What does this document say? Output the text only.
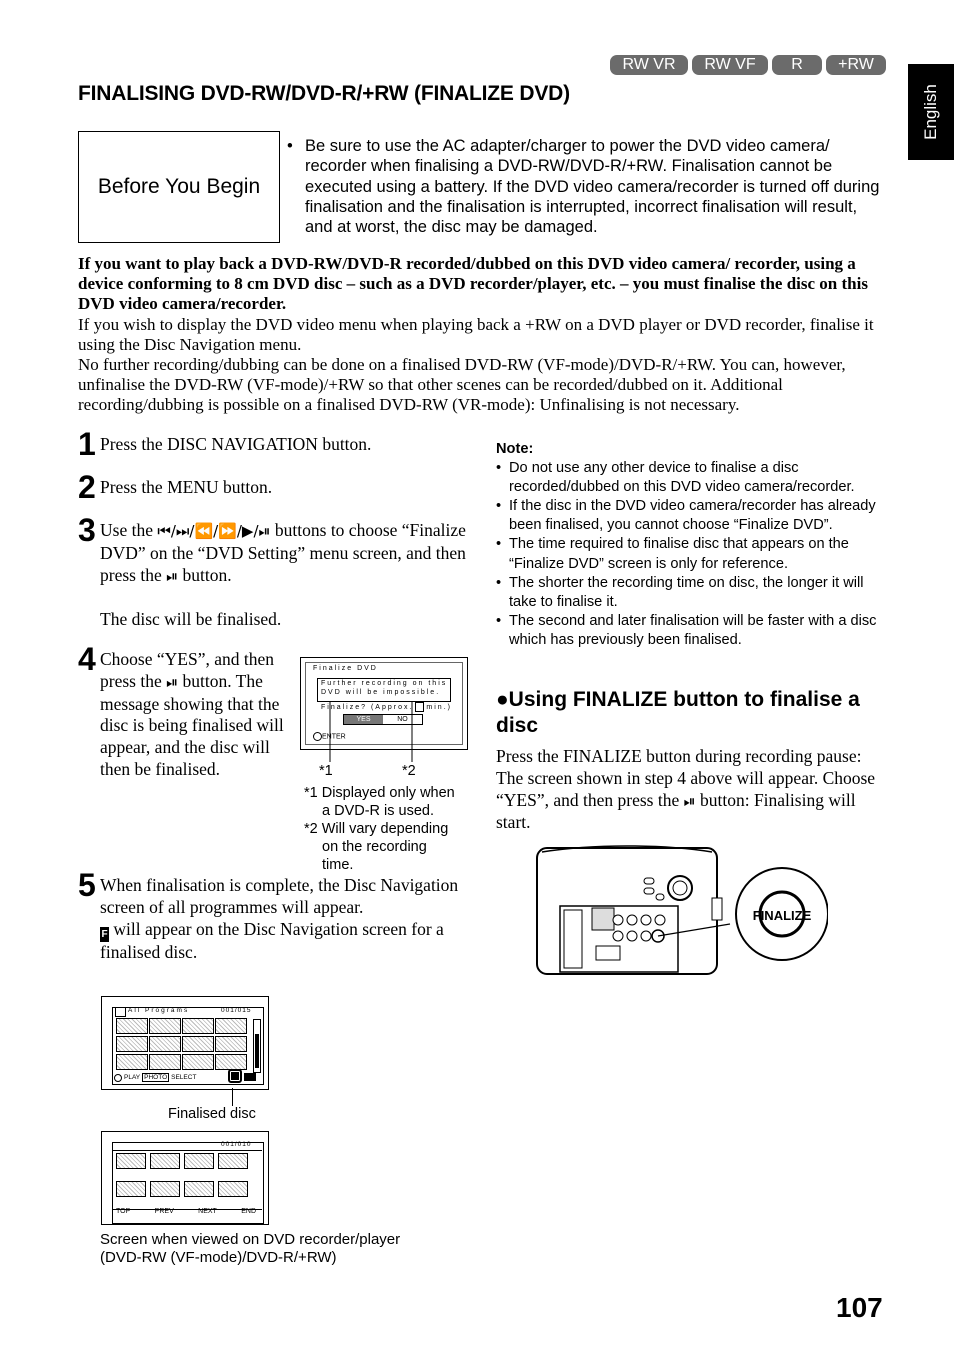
RW VR	RW VF	R	+RW
English
FINALISING DVD-RW/DVD-R/+RW (FINALIZE DVD)
Before You Begin
• Be sure to use the AC adapter/charger to power the DVD video camera/ recorder when finalising a DVD-RW/DVD-R/+RW. Finalisation cannot be executed using a battery. If the DVD video camera/recorder is turned off during finalisation and the finalisation is interrupted, incorrect finalisation will result, and at worst, the disc may be damaged.

If you want to play back a DVD-RW/DVD-R recorded/dubbed on this DVD video camera/ recorder, using a device conforming to 8 cm DVD disc – such as a DVD recorder/player, etc. – you must finalise the disc on this DVD video camera/recorder.

If you wish to display the DVD video menu when playing back a +RW on a DVD player or DVD recorder, finalise it using the Disc Navigation menu.

No further recording/dubbing can be done on a finalised DVD-RW (VF-mode)/DVD-R/+RW. You can, however, unfinalise the DVD-RW (VF-mode)/+RW so that other scenes can be recorded/dubbed on it. Additional recording/dubbing is possible on a finalised DVD-RW (VR-mode): Unfinalising is not necessary.

1 Press the DISC NAVIGATION button.
2 Press the MENU button.
3 Use the ⏮/⏭/⏪/⏩/▶/⏯ buttons to choose “Finalize DVD” on the “DVD Setting” menu screen, and then press the ⏯ button.
The disc will be finalised.
4 Choose “YES”, and then press the ⏯ button. The message showing that the disc is being finalised will appear, and the disc will then be finalised.
Finalize DVD
Further recording on this
DVD will be impossible.
Finalize? (Approx. min.)
YES	NO
ENTER
*1	*2
*1 Displayed only when
a DVD-R is used.
*2 Will vary depending
on the recording
time.
5 When finalisation is complete, the Disc Navigation screen of all programmes will appear.
F will appear on the Disc Navigation screen for a finalised disc.
All Programs	001/015
PLAY PHOTO SELECT
Finalised disc
001/010
TOP	PREV	NEXT	END
Screen when viewed on DVD recorder/player
(DVD-RW (VF-mode)/DVD-R/+RW)
Note:
• Do not use any other device to finalise a disc recorded/dubbed on this DVD video camera/recorder.
• If the disc in the DVD video camera/recorder has already been finalised, you cannot choose “Finalize DVD”.
• The time required to finalise disc that appears on the “Finalize DVD” screen is only for reference.
• The shorter the recording time on disc, the longer it will take to finalise it.
• The second and later finalisation will be faster with a disc which has previously been finalised.
●Using FINALIZE button to finalise a disc
Press the FINALIZE button during recording pause: The screen shown in step 4 above will appear. Choose “YES”, and then press the ⏯ button: Finalising will start.
FINALIZE
107
